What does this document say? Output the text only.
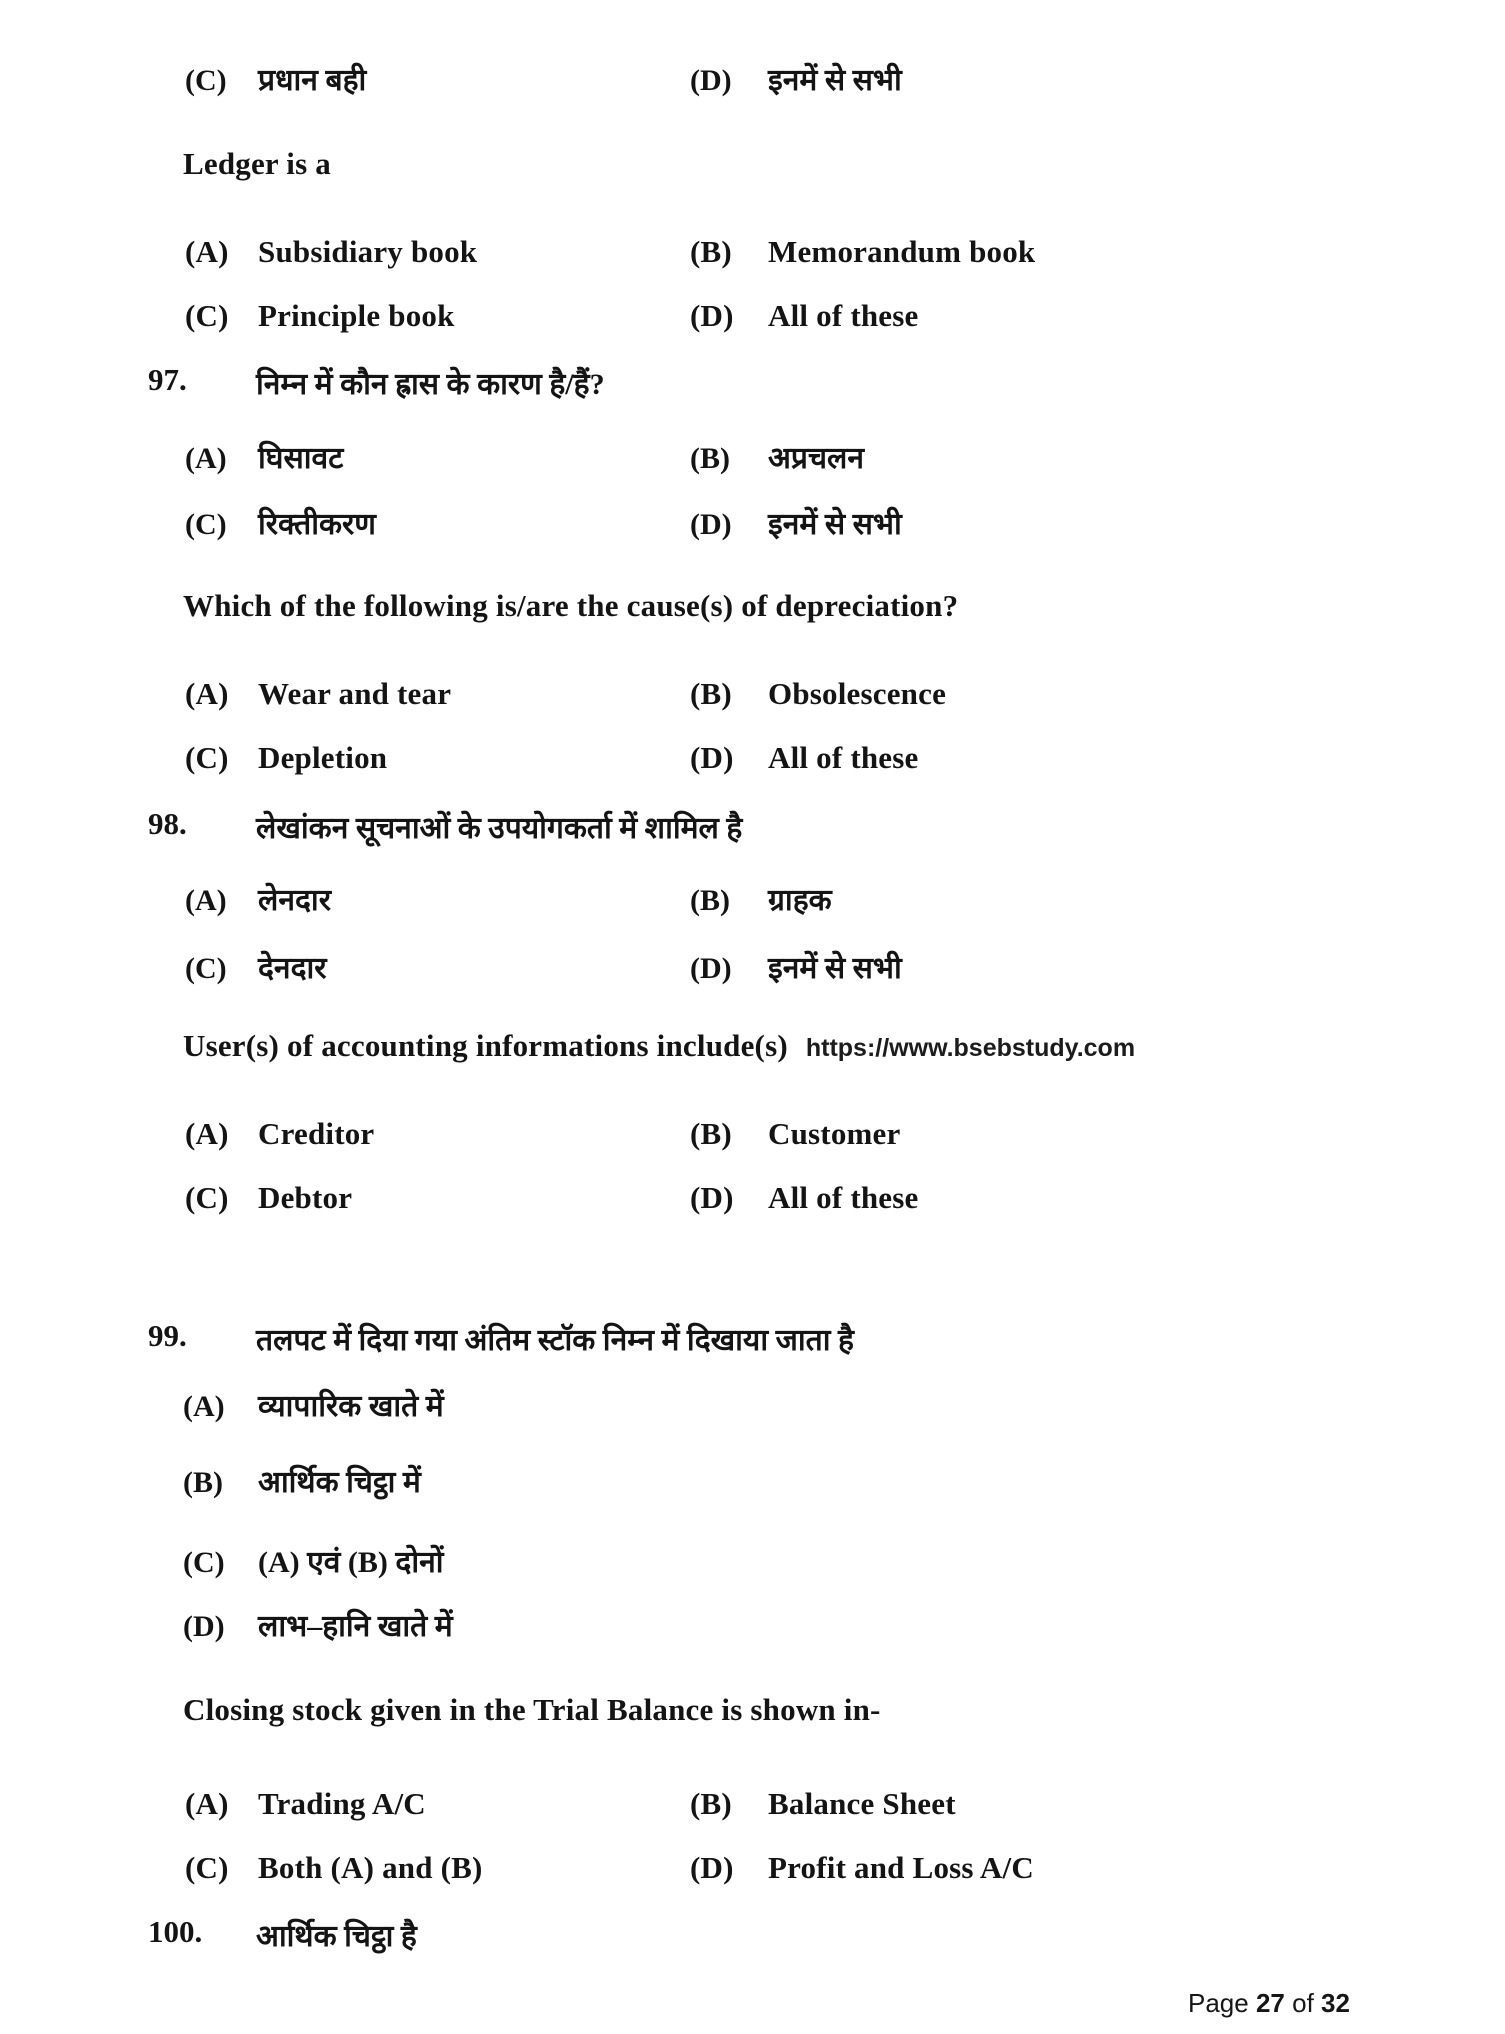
(C)	प्रधान बही	(D)	इनमें से सभी
Ledger is a
(A) Subsidiary book	(B)	Memorandum book
(C) Principle book	(D)	All of these
97. निम्न में कौन ह्रास के कारण है/हैं?
(A)	घिसावट	(B)	अप्रचलन
(C)	रिक्तीकरण	(D)	इनमें से सभी
Which of the following is/are the cause(s) of depreciation?
(A) Wear and tear	(B)	Obsolescence
(C) Depletion	(D)	All of these
98. लेखांकन सूचनाओं के उपयोगकर्ता में शामिल है
(A)	लेनदार	(B)	ग्राहक
(C)	देनदार	(D)	इनमें से सभी
User(s) of accounting informations include(s) https://www.bsebstudy.com
(A) Creditor	(B)	Customer
(C) Debtor	(D)	All of these
99. तलपट में दिया गया अंतिम स्टॉक निम्न में दिखाया जाता है
(A)	व्यापारिक खाते में
(B)	आर्थिक चिट्ठा में
(C)	(A) एवं (B) दोनों
(D)	लाभ–हानि खाते में
Closing stock given in the Trial Balance is shown in-
(A) Trading A/C	(B)	Balance Sheet
(C) Both (A) and (B)	(D)	Profit and Loss A/C
100. आर्थिक चिट्ठा है
Page 27 of 32
